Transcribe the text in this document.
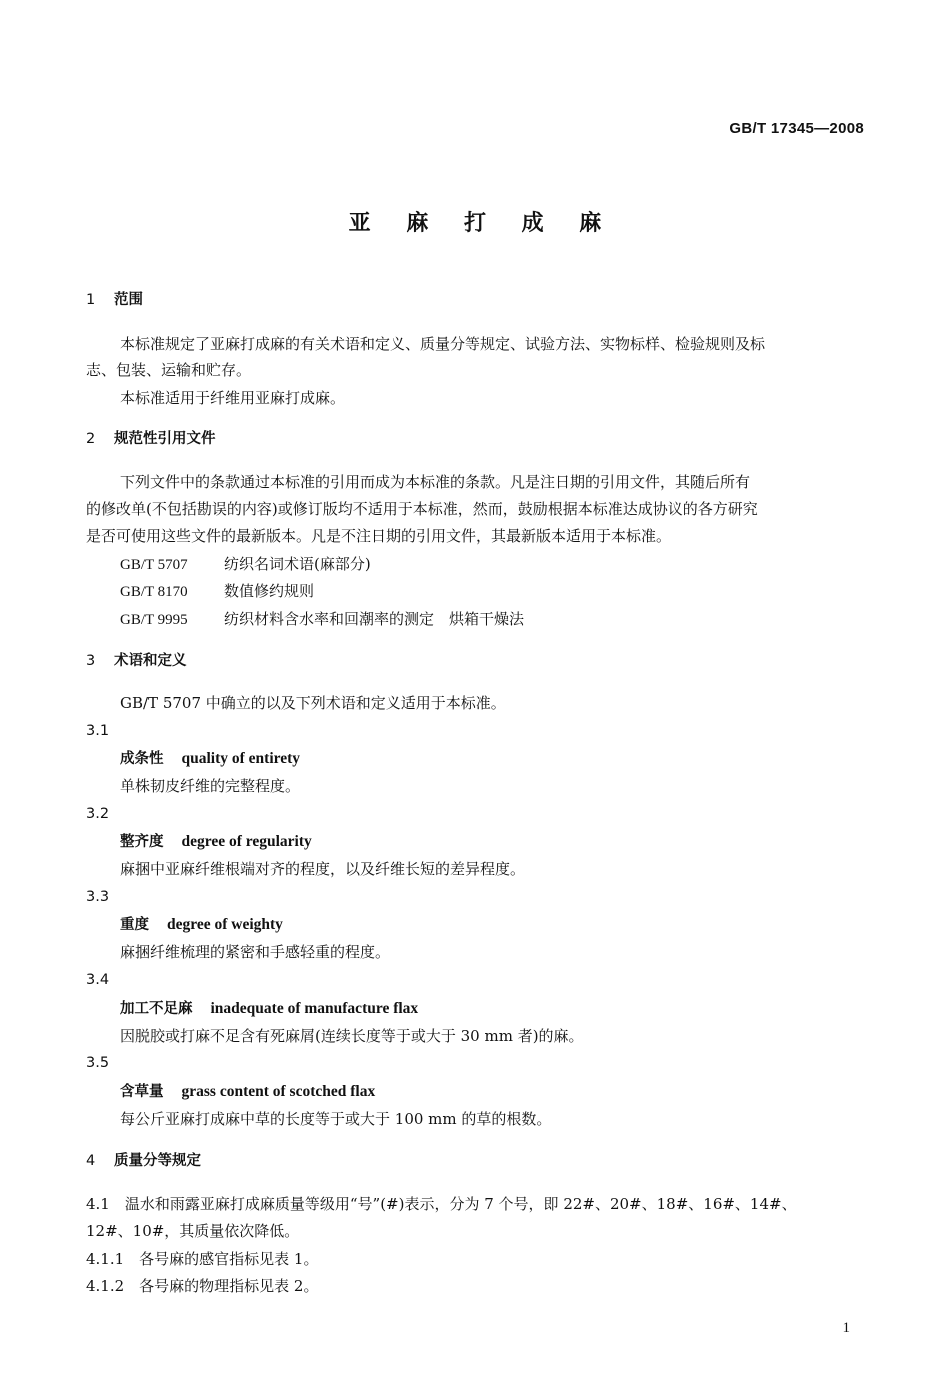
GB/T 17345—2008
亚 麻 打 成 麻
1 范围
本标准规定了亚麻打成麻的有关术语和定义、质量分等规定、试验方法、实物标样、检验规则及标
志、包装、运输和贮存。
本标准适用于纤维用亚麻打成麻。
2 规范性引用文件
下列文件中的条款通过本标准的引用而成为本标准的条款。凡是注日期的引用文件，其随后所有
的修改单(不包括勘误的内容)或修订版均不适用于本标准，然而，鼓励根据本标准达成协议的各方研究
是否可使用这些文件的最新版本。凡是不注日期的引用文件，其最新版本适用于本标准。
GB/T 5707 纺织名词术语(麻部分)
GB/T 8170 数值修约规则
GB/T 9995 纺织材料含水率和回潮率的测定　烘箱干燥法
3 术语和定义
GB/T 5707 中确立的以及下列术语和定义适用于本标准。
3.1
成条性 quality of entirety
单株韧皮纤维的完整程度。
3.2
整齐度 degree of regularity
麻捆中亚麻纤维根端对齐的程度，以及纤维长短的差异程度。
3.3
重度 degree of weighty
麻捆纤维梳理的紧密和手感轻重的程度。
3.4
加工不足麻 inadequate of manufacture flax
因脱胶或打麻不足含有死麻屑(连续长度等于或大于 30 mm 者)的麻。
3.5
含草量 grass content of scotched flax
每公斤亚麻打成麻中草的长度等于或大于 100 mm 的草的根数。
4 质量分等规定
4.1　温水和雨露亚麻打成麻质量等级用“号”(#)表示，分为 7 个号，即 22#、20#、18#、16#、14#、
12#、10#，其质量依次降低。
4.1.1　各号麻的感官指标见表 1。
4.1.2　各号麻的物理指标见表 2。
1
